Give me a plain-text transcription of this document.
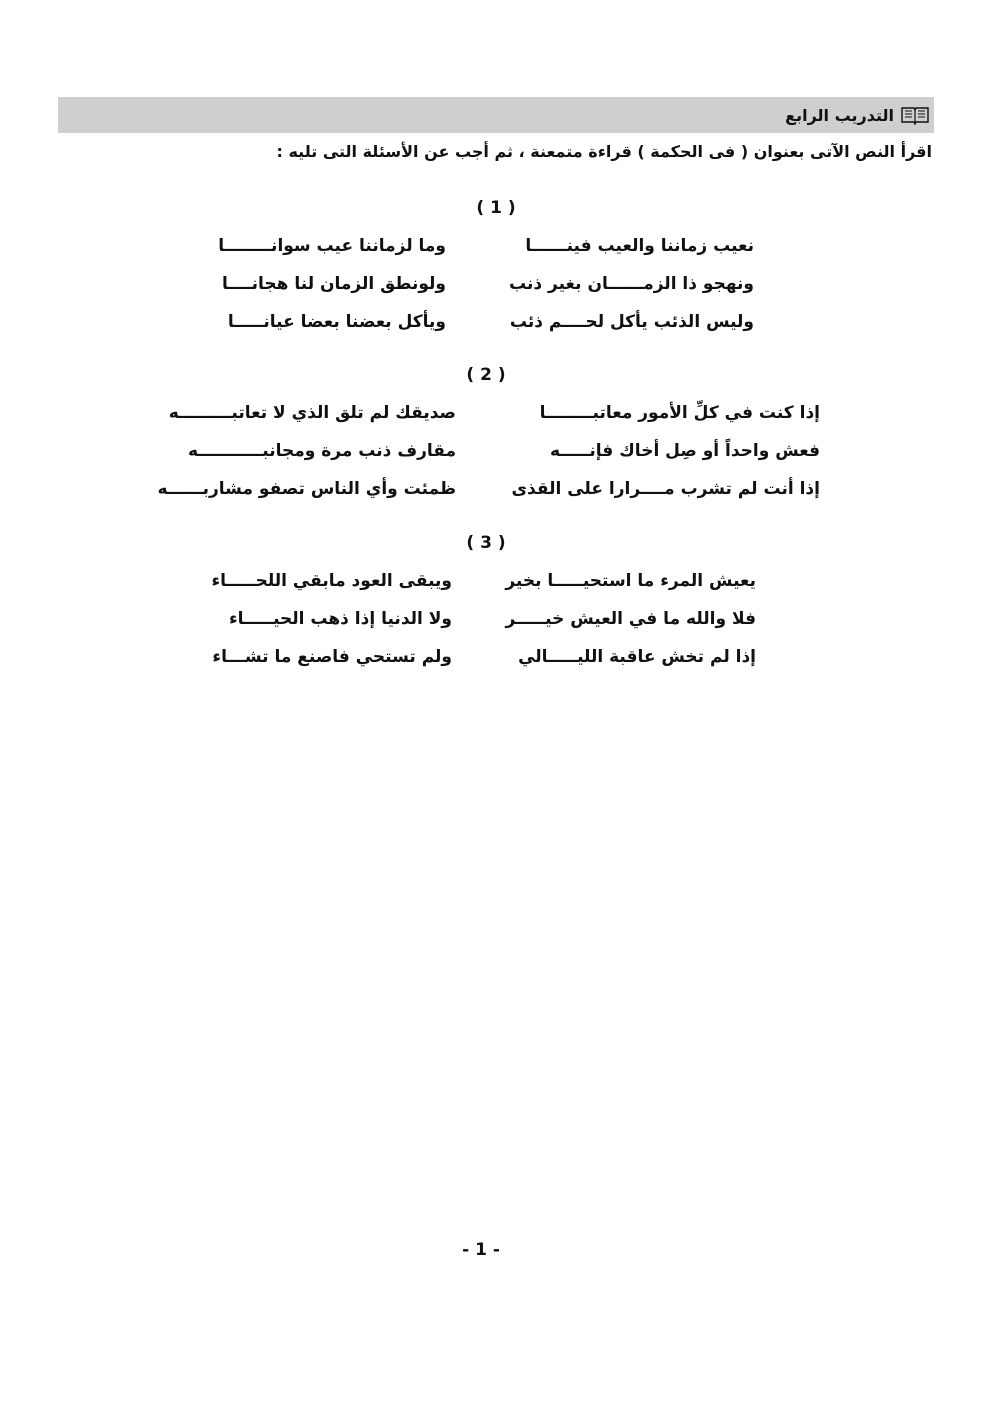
التدريب الرابع
اقرأ النص الآتى بعنوان ( فى الحكمة ) قراءة متمعنة ، ثم أجب عن الأسئلة التى تليه :
( 1 )
نعيب زماننا والعيب فينــــــا
وما لزماننا عيب سوانــــــــا
ونهجو ذا الزمــــــان بغير ذنب
ولونطق الزمان لنا هجانــــا
وليس الذئب يأكل لحــــم ذئب
ويأكل بعضنا بعضا عيانـــــا
( 2 )
إذا كنت في كلِّ الأمور معاتبــــــــا
صديقك لم تلق الذي لا تعاتبـــــــــه
فعش واحداً أو صِل أخاك فإنـــــه
مقارف ذنب مرة ومجانبـــــــــــه
إذا أنت لم تشرب مــــرارا على القذى
ظمئت وأي الناس تصفو مشاربــــــه
( 3 )
يعيش المرء ما استحيـــــا بخير
ويبقى العود مابقي اللحـــــاء
فلا والله ما في العيش خيـــــر
ولا الدنيا إذا ذهب الحيـــــاء
إذا لم تخش عاقبة الليـــــالي
ولم تستحي فاصنع ما تشـــاء
- 1 -
